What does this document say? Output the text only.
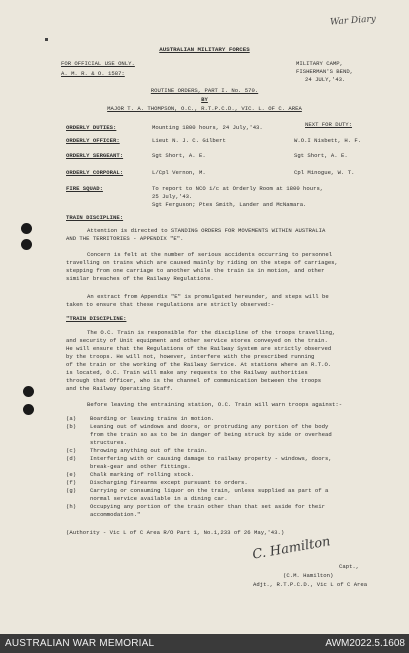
War Diary
AUSTRALIAN MILITARY FORCES
FOR OFFICIAL USE ONLY.
A. M. R. & O. 1587:
MILITARY CAMP,
FISHERMAN'S BEND,
24 JULY,'43.
ROUTINE ORDERS, PART I. No. 570.
BY
MAJOR T. A. THOMPSON, O.C., R.T.P.C.D., VIC. L. OF C. AREA
NEXT FOR DUTY:
ORDERLY DUTIES:	Mounting 1800 hours, 24 July,'43.
ORDERLY OFFICER:	Lieut N. J. C. Gilbert	W.O.I Nisbett, H. F.
ORDERLY SERGEANT:	Sgt Short, A. E.	Sgt Short, A. E.
ORDERLY CORPORAL:	L/Cpl Vernon, M.	Cpl Minogue, W. T.
FIRE SQUAD:	To report to NCO i/c at Orderly Room at 1800 hours,
25 July,'43.
Sgt Ferguson; Ptes Smith, Lander and McNamara.
TRAIN DISCIPLINE:
Attention is directed to STANDING ORDERS FOR MOVEMENTS WITHIN AUSTRALIA
AND THE TERRITORIES - APPENDIX "E".
Concern is felt at the number of serious accidents occurring to personnel
travelling on trains which are caused mainly by riding on the steps of carriages,
stepping from one carriage to another while the train is in motion, and other
similar breaches of the Railway Regulations.
An extract from Appendix "E" is promulgated hereunder, and steps will be
taken to ensure that these regulations are strictly observed:-
"TRAIN DISCIPLINE:
The O.C. Train is responsible for the discipline of the troops travelling,
and security of Unit equipment and other service stores conveyed on the train.
He will ensure that the Regulations of the Railway System are strictly observed
by the troops. He will not, however, interfere with the prescribed running
of the train or the working of the Railway Service. At stations where an R.T.O.
is located, O.C. Train will make any requests to the Railway authorities
through that Officer, who is the channel of communication between the troops
and the Railway Operating Staff.
Before leaving the entraining station, O.C. Train will warn troops against:-
(a) Boarding or leaving trains in motion.
(b) Leaning out of windows and doors, or protruding any portion of the body
from the train so as to be in danger of being struck by side or overhead
structures.
(c) Throwing anything out of the train.
(d) Interfering with or causing damage to railway property - windows, doors,
break-gear and other fittings.
(e) Chalk marking of rolling stock.
(f) Discharging firearms except pursuant to orders.
(g) Carrying or consuming liquor on the train, unless supplied as part of a
normal service available in a dining car.
(h) Occupying any portion of the train other than that set aside for their
accommodation."
(Authority - Vic L of C Area R/O Part 1, No.1,233 of 26 May,'43.)
C. Hamilton
Capt.,
(C.M. Hamilton)
Adjt., R.T.P.C.D., Vic L of C Area
AUSTRALIAN WAR MEMORIAL	AWM2022.5.1608
